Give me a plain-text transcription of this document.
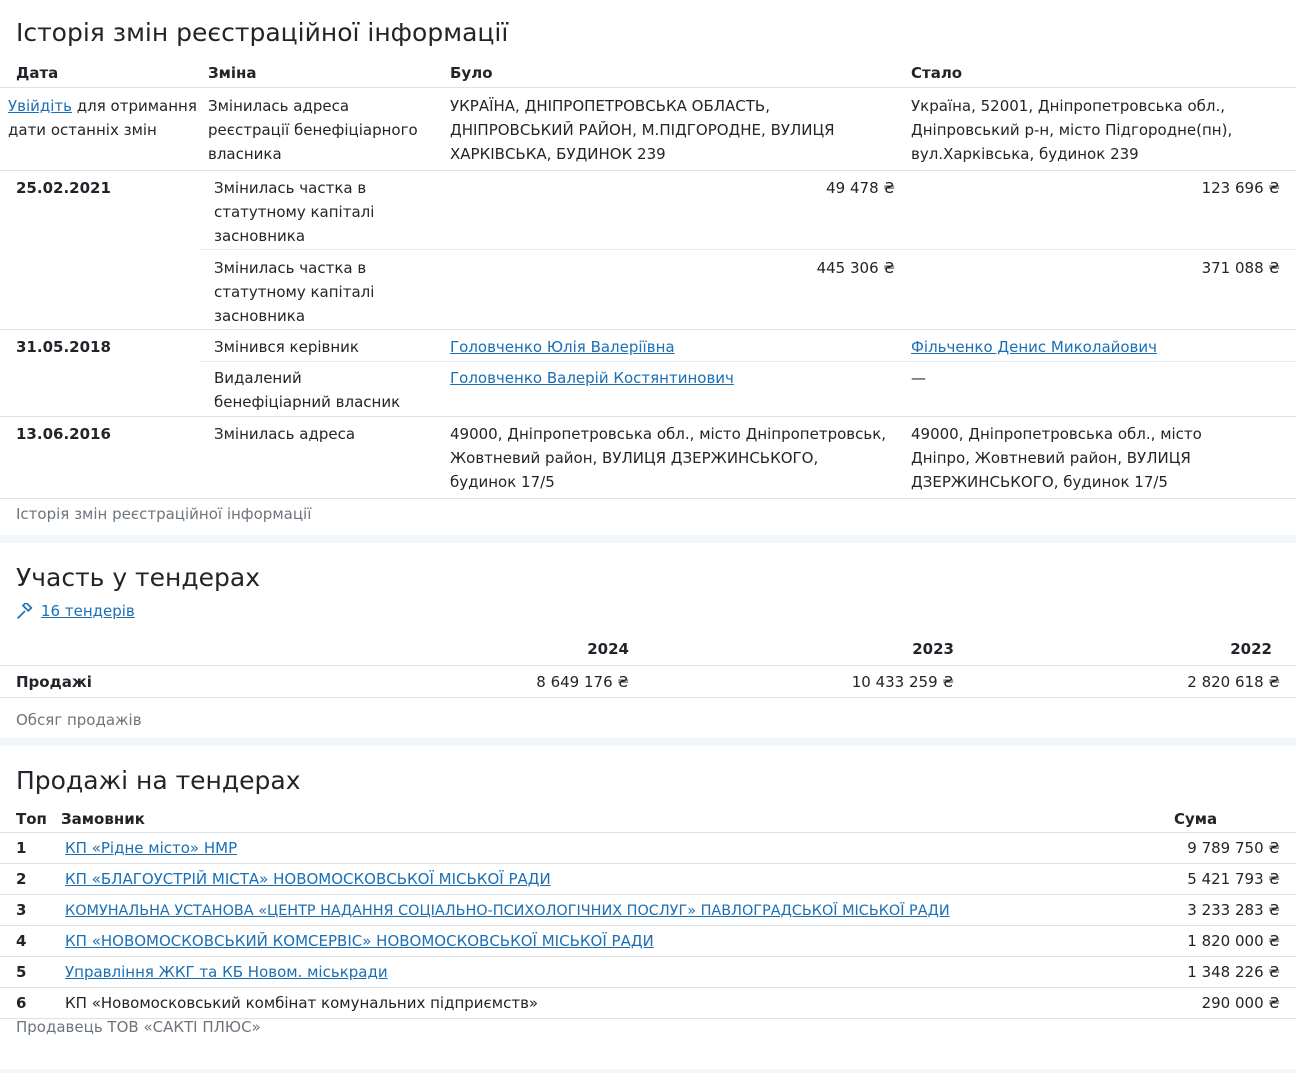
Історія змін реєстраційної інформації
Дата	Зміна	Було	Стало
Увійдіть для отримання
дати останніх змін	Змінилась адреса реєстрації бенефіціарного власника	УКРАЇНА, ДНІПРОПЕТРОВСЬКА ОБЛАСТЬ, ДНІПРОВСЬКИЙ РАЙОН, М.ПІДГОРОДНЕ, ВУЛИЦЯ ХАРКІВСЬКА, БУДИНОК 239	Україна, 52001, Дніпропетровська обл., Дніпровський р-н, місто Підгородне(пн), вул.Харківська, будинок 239
25.02.2021	Змінилась частка в статутному капіталі засновника	49 478 ₴	123 696 ₴
	Змінилась частка в статутному капіталі засновника	445 306 ₴	371 088 ₴
31.05.2018	Змінився керівник	Головченко Юлія Валеріївна	Фільченко Денис Миколайович
	Видалений бенефіціарний власник	Головченко Валерій Костянтинович	—
13.06.2016	Змінилась адреса	49000, Дніпропетровська обл., місто Дніпропетровськ, Жовтневий район, ВУЛИЦЯ ДЗЕРЖИНСЬКОГО, будинок 17/5	49000, Дніпропетровська обл., місто Дніпро, Жовтневий район, ВУЛИЦЯ ДЗЕРЖИНСЬКОГО, будинок 17/5
Історія змін реєстраційної інформації
Участь у тендерах
16 тендерів
	2024	2023	2022
Продажі	8 649 176 ₴	10 433 259 ₴	2 820 618 ₴
Обсяг продажів
Продажі на тендерах
Топ	Замовник	Сума
1	КП «Рідне місто» НМР	9 789 750 ₴
2	КП «БЛАГОУСТРІЙ МІСТА» НОВОМОСКОВСЬКОЇ МІСЬКОЇ РАДИ	5 421 793 ₴
3	КОМУНАЛЬНА УСТАНОВА «ЦЕНТР НАДАННЯ СОЦІАЛЬНО-ПСИХОЛОГІЧНИХ ПОСЛУГ» ПАВЛОГРАДСЬКОЇ МІСЬКОЇ РАДИ	3 233 283 ₴
4	КП «НОВОМОСКОВСЬКИЙ КОМСЕРВІС» НОВОМОСКОВСЬКОЇ МІСЬКОЇ РАДИ	1 820 000 ₴
5	Управління ЖКГ та КБ Новом. міськради	1 348 226 ₴
6	КП «Новомосковський комбінат комунальних підприємств»	290 000 ₴
Продавець ТОВ «САКТІ ПЛЮС»
